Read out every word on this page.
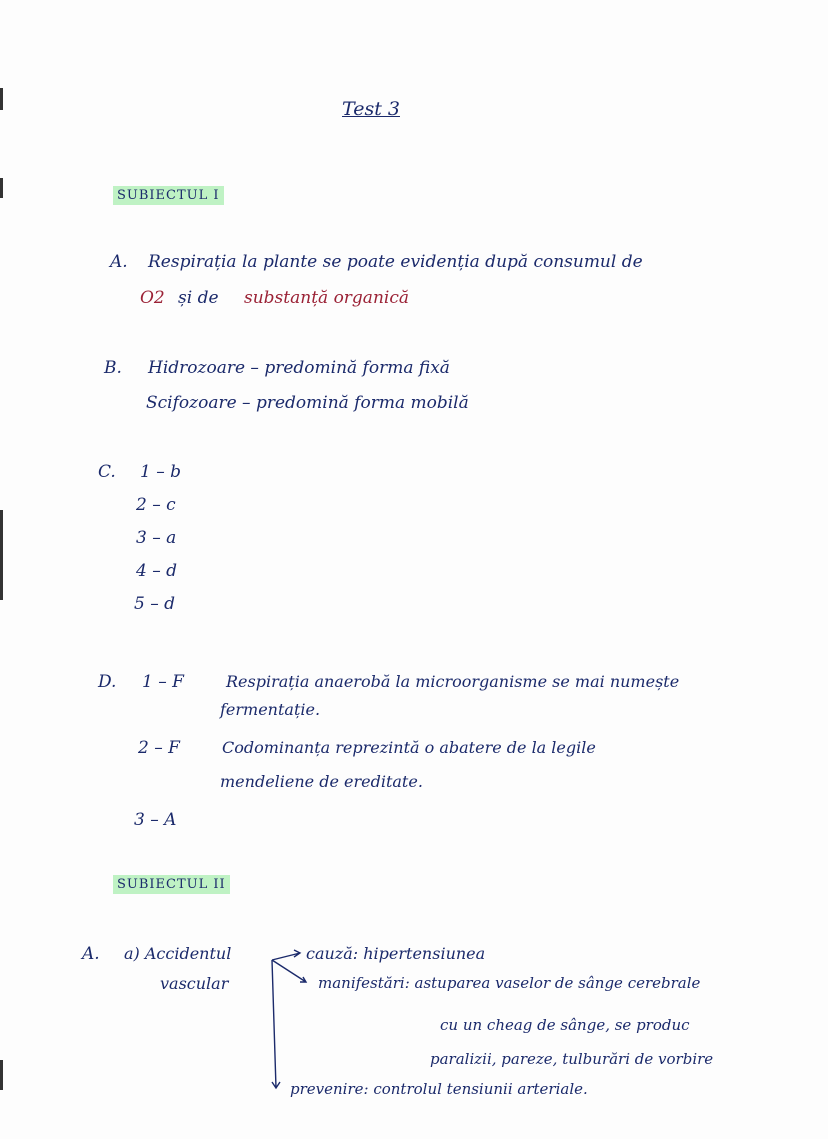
Test 3
SUBIECTUL I
A. Respirația la plante se poate evidenția după consumul de
O2 și de substanță organică
B. Hidrozoare – predomină forma fixă
Scifozoare – predomină forma mobilă
C. 1 – b
2 – c
3 – a
4 – d
5 – d
D. 1 – F	Respirația anaerobă la microorganisme se mai numește
fermentație.
2 – F	Codominanța reprezintă o abatere de la legile
mendeliene de ereditate.
3 – A
SUBIECTUL II
A. a) Accidentul
vascular
cauză: hipertensiunea
manifestări: astuparea vaselor de sânge cerebrale
cu un cheag de sânge, se produc
paralizii, pareze, tulburări de vorbire
prevenire: controlul tensiunii arteriale.
